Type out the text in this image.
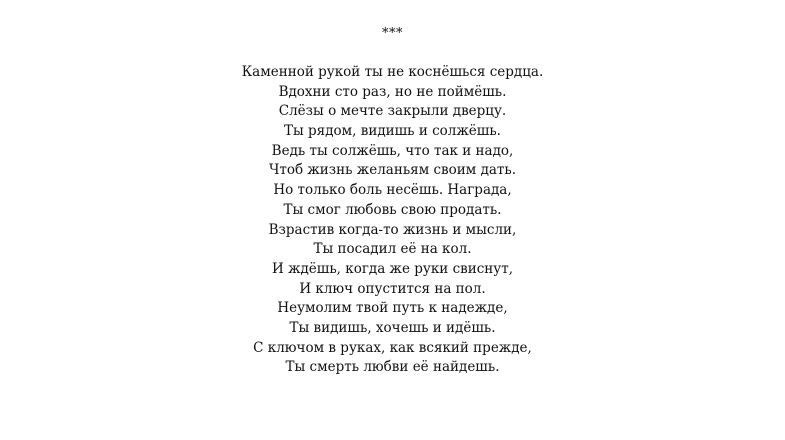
***
Каменной рукой ты не коснёшься сердца.
Вдохни сто раз, но не поймёшь.
Слёзы о мечте закрыли дверцу.
Ты рядом, видишь и солжёшь.
Ведь ты солжёшь, что так и надо,
Чтоб жизнь желаньям своим дать.
Но только боль несёшь. Награда,
Ты смог любовь свою продать.
Взрастив когда-то жизнь и мысли,
Ты посадил её на кол.
И ждёшь, когда же руки свиснут,
И ключ опустится на пол.
Неумолим твой путь к надежде,
Ты видишь, хочешь и идёшь.
С ключом в руках, как всякий прежде,
Ты смерть любви её найдешь.
